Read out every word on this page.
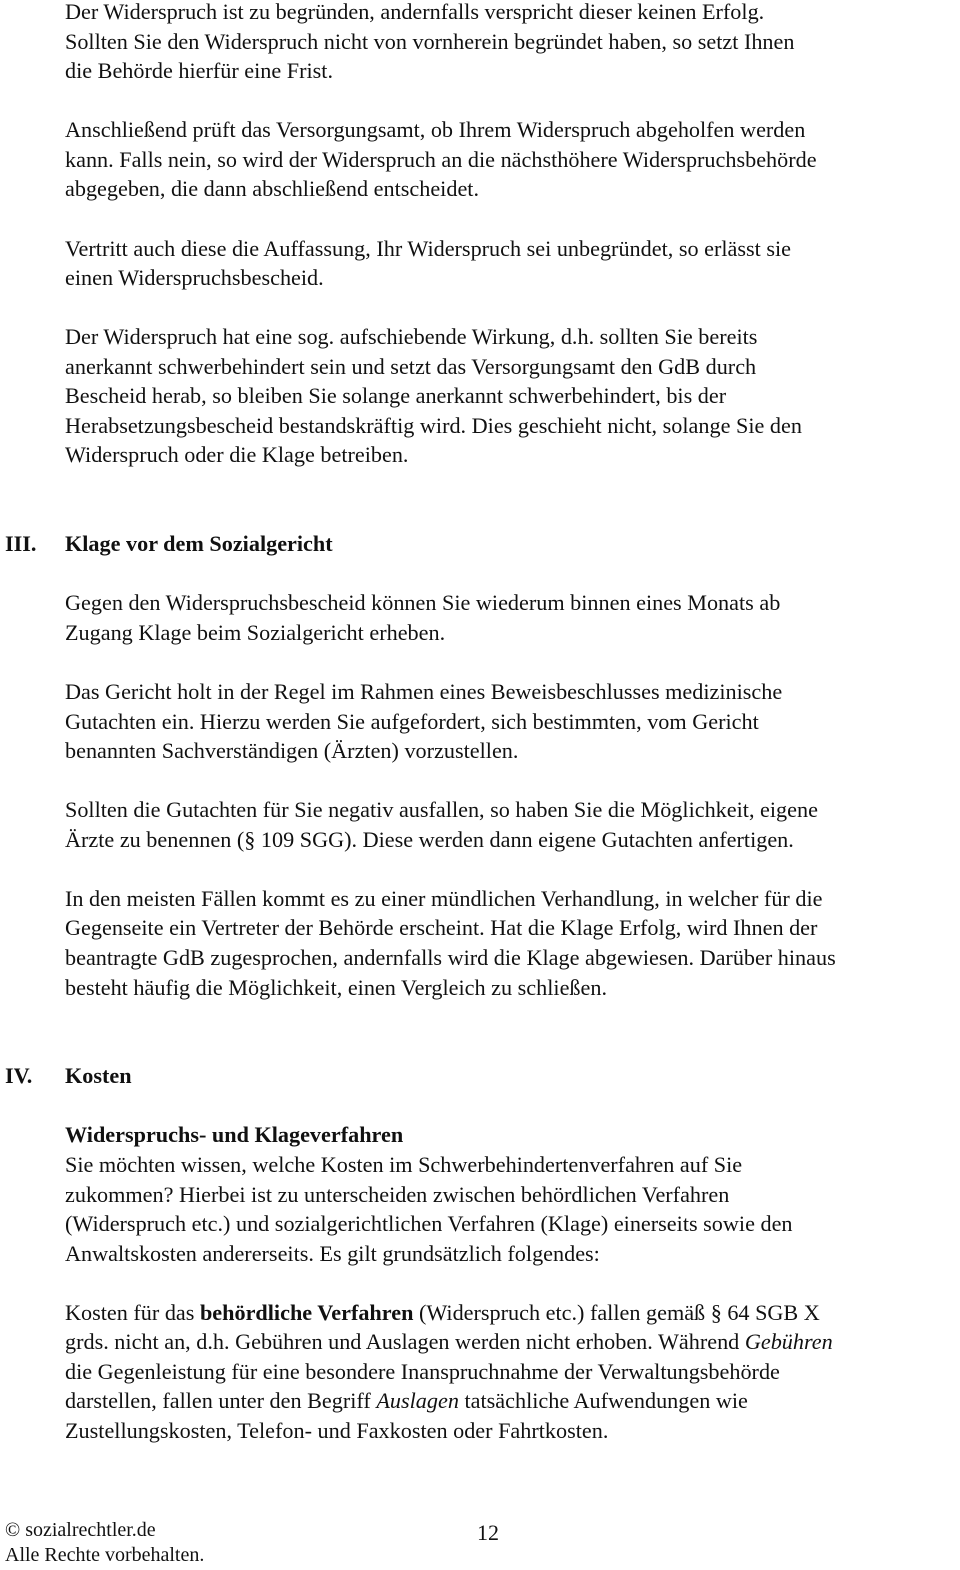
Der Widerspruch ist zu begründen, andernfalls verspricht dieser keinen Erfolg.
Sollten Sie den Widerspruch nicht von vornherein begründet haben, so setzt Ihnen
die Behörde hierfür eine Frist.
Anschließend prüft das Versorgungsamt, ob Ihrem Widerspruch abgeholfen werden
kann. Falls nein, so wird der Widerspruch an die nächsthöhere Widerspruchsbehörde
abgegeben, die dann abschließend entscheidet.
Vertritt auch diese die Auffassung, Ihr Widerspruch sei unbegründet, so erlässt sie
einen Widerspruchsbescheid.
Der Widerspruch hat eine sog. aufschiebende Wirkung, d.h. sollten Sie bereits
anerkannt schwerbehindert sein und setzt das Versorgungsamt den GdB durch
Bescheid herab, so bleiben Sie solange anerkannt schwerbehindert, bis der
Herabsetzungsbescheid bestandskräftig wird. Dies geschieht nicht, solange Sie den
Widerspruch oder die Klage betreiben.
III. Klage vor dem Sozialgericht
Gegen den Widerspruchsbescheid können Sie wiederum binnen eines Monats ab
Zugang Klage beim Sozialgericht erheben.
Das Gericht holt in der Regel im Rahmen eines Beweisbeschlusses medizinische
Gutachten ein. Hierzu werden Sie aufgefordert, sich bestimmten, vom Gericht
benannten Sachverständigen (Ärzten) vorzustellen.
Sollten die Gutachten für Sie negativ ausfallen, so haben Sie die Möglichkeit, eigene
Ärzte zu benennen (§ 109 SGG). Diese werden dann eigene Gutachten anfertigen.
In den meisten Fällen kommt es zu einer mündlichen Verhandlung, in welcher für die
Gegenseite ein Vertreter der Behörde erscheint. Hat die Klage Erfolg, wird Ihnen der
beantragte GdB zugesprochen, andernfalls wird die Klage abgewiesen. Darüber hinaus
besteht häufig die Möglichkeit, einen Vergleich zu schließen.
IV. Kosten
Widerspruchs- und Klageverfahren
Sie möchten wissen, welche Kosten im Schwerbehindertenverfahren auf Sie
zukommen? Hierbei ist zu unterscheiden zwischen behördlichen Verfahren
(Widerspruch etc.) und sozialgerichtlichen Verfahren (Klage) einerseits sowie den
Anwaltskosten andererseits. Es gilt grundsätzlich folgendes:
Kosten für das behördliche Verfahren (Widerspruch etc.) fallen gemäß § 64 SGB X
grds. nicht an, d.h. Gebühren und Auslagen werden nicht erhoben. Während Gebühren
die Gegenleistung für eine besondere Inanspruchnahme der Verwaltungsbehörde
darstellen, fallen unter den Begriff Auslagen tatsächliche Aufwendungen wie
Zustellungskosten, Telefon- und Faxkosten oder Fahrtkosten.
© sozialrechtler.de
Alle Rechte vorbehalten.
12
